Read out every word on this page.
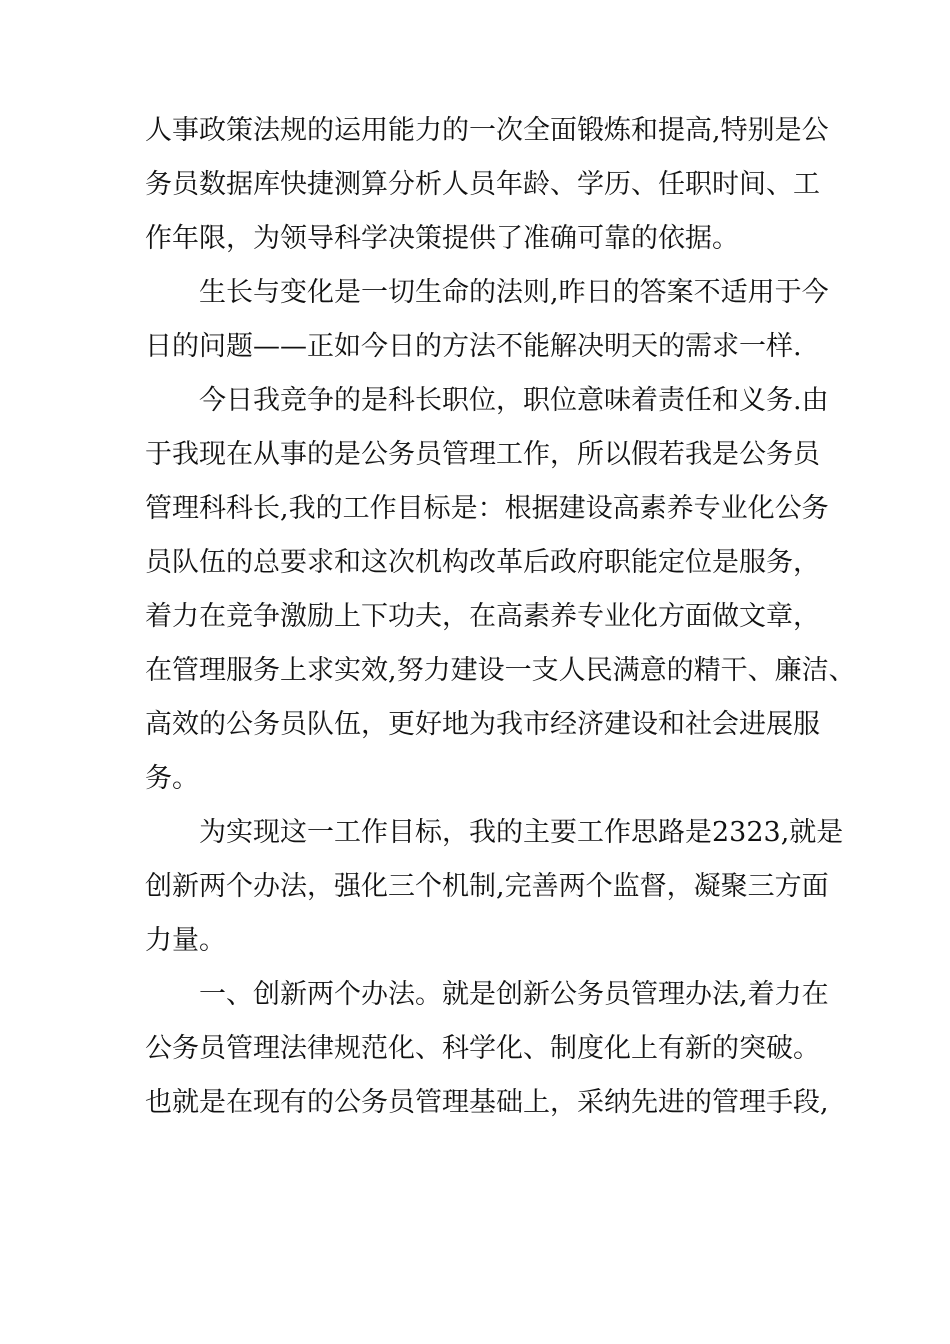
人事政策法规的运用能力的一次全面锻炼和提高,特别是公
务员数据库快捷测算分析人员年龄、学历、任职时间、工
作年限，为领导科学决策提供了准确可靠的依据。
生长与变化是一切生命的法则,昨日的答案不适用于今
日的问题——正如今日的方法不能解决明天的需求一样.
今日我竞争的是科长职位，职位意味着责任和义务.由
于我现在从事的是公务员管理工作，所以假若我是公务员
管理科科长,我的工作目标是：根据建设高素养专业化公务
员队伍的总要求和这次机构改革后政府职能定位是服务，
着力在竞争激励上下功夫，在高素养专业化方面做文章，
在管理服务上求实效,努力建设一支人民满意的精干、廉洁、
高效的公务员队伍，更好地为我市经济建设和社会进展服
务。
为实现这一工作目标，我的主要工作思路是2323,就是
创新两个办法，强化三个机制,完善两个监督，凝聚三方面
力量。
一、创新两个办法。就是创新公务员管理办法,着力在
公务员管理法律规范化、科学化、制度化上有新的突破。
也就是在现有的公务员管理基础上，采纳先进的管理手段,
